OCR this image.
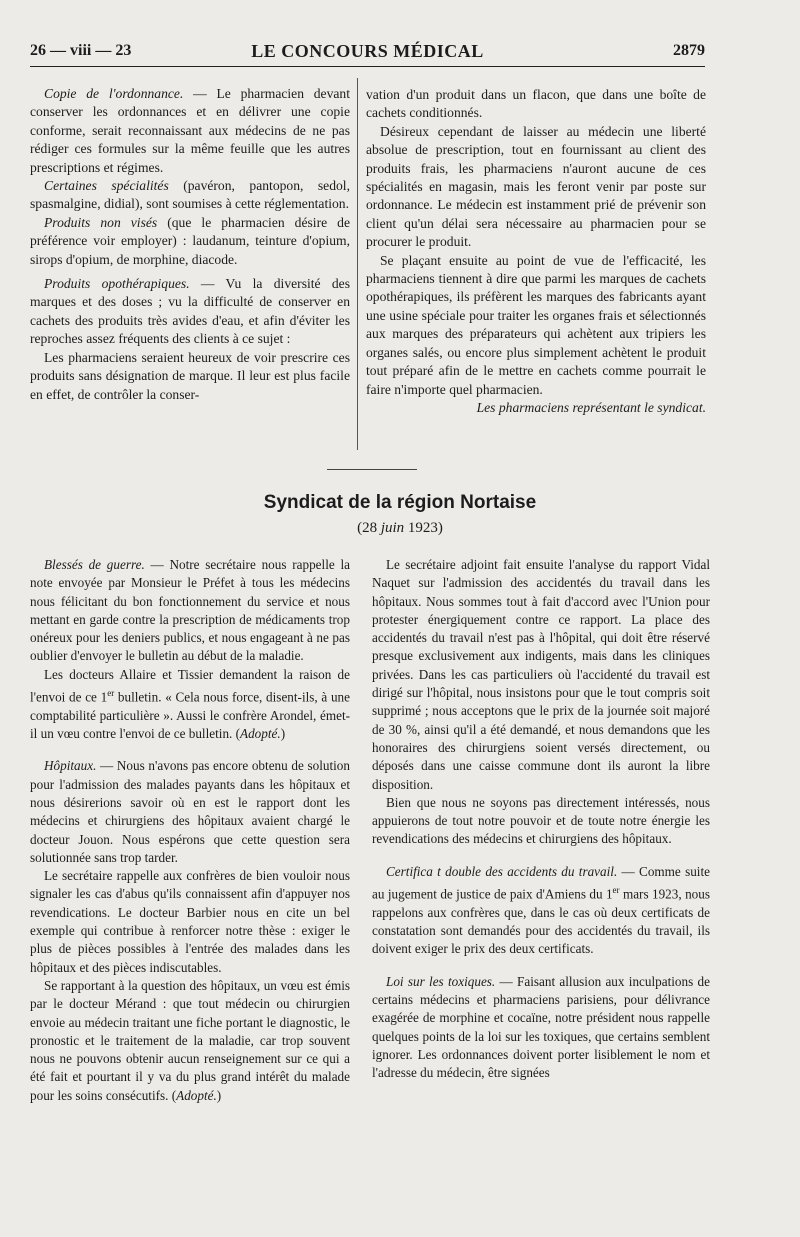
26 — viii — 23	LE CONCOURS MÉDICAL	2879

Copie de l'ordonnance. — Le pharmacien devant conserver les ordonnances et en délivrer une copie conforme, serait reconnaissant aux médecins de ne pas rédiger ces formules sur la même feuille que les autres prescriptions et régimes.

Certaines spécialités (pavéron, pantopon, sedol, spasmalgine, didial), sont soumises à cette réglementation.

Produits non visés (que le pharmacien désire de préférence voir employer) : laudanum, teinture d'opium, sirops d'opium, de morphine, diacode.

Produits opothérapiques. — Vu la diversité des marques et des doses ; vu la difficulté de conserver en cachets des produits très avides d'eau, et afin d'éviter les reproches assez fréquents des clients à ce sujet :

Les pharmaciens seraient heureux de voir prescrire ces produits sans désignation de marque. Il leur est plus facile en effet, de contrôler la conser-

vation d'un produit dans un flacon, que dans une boîte de cachets conditionnés.

Désireux cependant de laisser au médecin une liberté absolue de prescription, tout en fournissant au client des produits frais, les pharmaciens n'auront aucune de ces spécialités en magasin, mais les feront venir par poste sur ordonnance. Le médecin est instamment prié de prévenir son client qu'un délai sera nécessaire au pharmacien pour se procurer le produit.

Se plaçant ensuite au point de vue de l'efficacité, les pharmaciens tiennent à dire que parmi les marques de cachets opothérapiques, ils préfèrent les marques des fabricants ayant une usine spéciale pour traiter les organes frais et sélectionnés aux marques des préparateurs qui achètent aux tripiers les organes salés, ou encore plus simplement achètent le produit tout préparé afin de le mettre en cachets comme pourrait le faire n'importe quel pharmacien.

Les pharmaciens représentant le syndicat.

Syndicat de la région Nortaise
(28 juin 1923)

Blessés de guerre. — Notre secrétaire nous rappelle la note envoyée par Monsieur le Préfet à tous les médecins nous félicitant du bon fonctionnement du service et nous mettant en garde contre la prescription de médicaments trop onéreux pour les deniers publics, et nous engageant à ne pas oublier d'envoyer le bulletin au début de la maladie.

Les docteurs Allaire et Tissier demandent la raison de l'envoi de ce 1er bulletin. « Cela nous force, disent-ils, à une comptabilité particulière ». Aussi le confrère Arondel, émet-il un vœu contre l'envoi de ce bulletin. (Adopté.)

Hôpitaux. — Nous n'avons pas encore obtenu de solution pour l'admission des malades payants dans les hôpitaux et nous désirerions savoir où en est le rapport dont les médecins et chirurgiens des hôpitaux avaient chargé le docteur Jouon. Nous espérons que cette question sera solutionnée sans trop tarder.

Le secrétaire rappelle aux confrères de bien vouloir nous signaler les cas d'abus qu'ils connaissent afin d'appuyer nos revendications. Le docteur Barbier nous en cite un bel exemple qui contribue à renforcer notre thèse : exiger le plus de pièces possibles à l'entrée des malades dans les hôpitaux et des pièces indiscutables.

Se rapportant à la question des hôpitaux, un vœu est émis par le docteur Mérand : que tout médecin ou chirurgien envoie au médecin traitant une fiche portant le diagnostic, le pronostic et le traitement de la maladie, car trop souvent nous ne pouvons obtenir aucun renseignement sur ce qui a été fait et pourtant il y va du plus grand intérêt du malade pour les soins consécutifs. (Adopté.)

Le secrétaire adjoint fait ensuite l'analyse du rapport Vidal Naquet sur l'admission des accidentés du travail dans les hôpitaux. Nous sommes tout à fait d'accord avec l'Union pour protester énergiquement contre ce rapport. La place des accidentés du travail n'est pas à l'hôpital, qui doit être réservé presque exclusivement aux indigents, mais dans les cliniques privées. Dans les cas particuliers où l'accidenté du travail est dirigé sur l'hôpital, nous insistons pour que le tout compris soit supprimé ; nous acceptons que le prix de la journée soit majoré de 30 %, ainsi qu'il a été demandé, et nous demandons que les honoraires des chirurgiens soient versés directement, ou déposés dans une caisse commune dont ils auront la libre disposition.

Bien que nous ne soyons pas directement intéressés, nous appuierons de tout notre pouvoir et de toute notre énergie les revendications des médecins et chirurgiens des hôpitaux.

Certifica t double des accidents du travail. — Comme suite au jugement de justice de paix d'Amiens du 1er mars 1923, nous rappelons aux confrères que, dans le cas où deux certificats de constatation sont demandés pour des accidentés du travail, ils doivent exiger le prix des deux certificats.

Loi sur les toxiques. — Faisant allusion aux inculpations de certains médecins et pharmaciens parisiens, pour délivrance exagérée de morphine et cocaïne, notre président nous rappelle quelques points de la loi sur les toxiques, que certains semblent ignorer. Les ordonnances doivent porter lisiblement le nom et l'adresse du médecin, être signées
